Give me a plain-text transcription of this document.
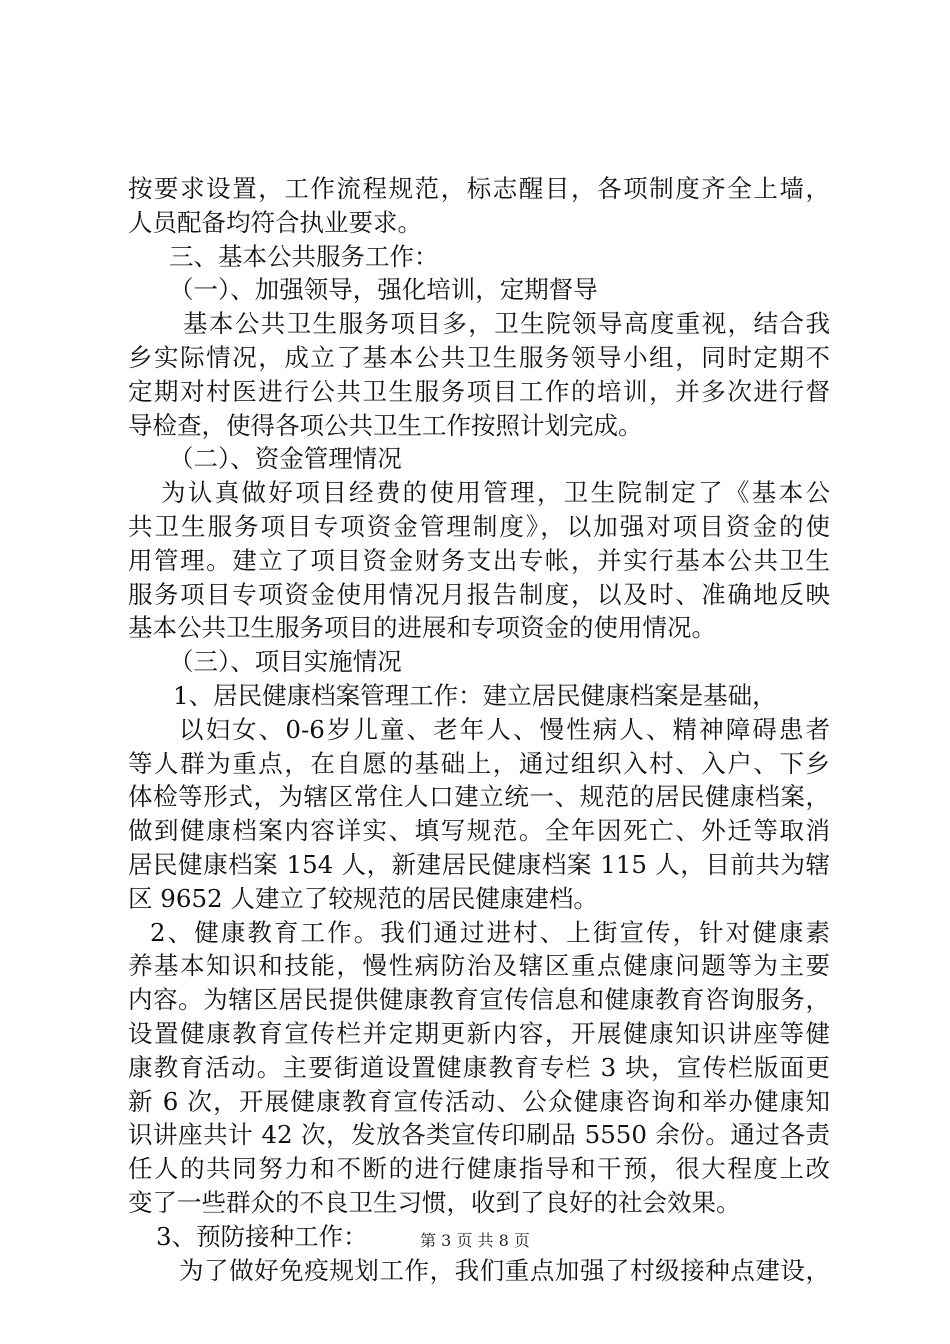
按要求设置，工作流程规范，标志醒目，各项制度齐全上墙，
人员配备均符合执业要求。
三、基本公共服务工作：
（一）、加强领导，强化培训，定期督导
基本公共卫生服务项目多，卫生院领导高度重视，结合我
乡实际情况，成立了基本公共卫生服务领导小组，同时定期不
定期对村医进行公共卫生服务项目工作的培训，并多次进行督
导检查，使得各项公共卫生工作按照计划完成。
（二）、资金管理情况
为认真做好项目经费的使用管理，卫生院制定了《基本公
共卫生服务项目专项资金管理制度》，以加强对项目资金的使
用管理。建立了项目资金财务支出专帐，并实行基本公共卫生
服务项目专项资金使用情况月报告制度，以及时、准确地反映
基本公共卫生服务项目的进展和专项资金的使用情况。
（三）、项目实施情况
1、居民健康档案管理工作：建立居民健康档案是基础，
以妇女、0-6岁儿童、老年人、慢性病人、精神障碍患者
等人群为重点，在自愿的基础上，通过组织入村、入户、下乡
体检等形式，为辖区常住人口建立统一、规范的居民健康档案，
做到健康档案内容详实、填写规范。全年因死亡、外迁等取消
居民健康档案 154 人，新建居民健康档案 115 人，目前共为辖
区 9652 人建立了较规范的居民健康建档。
2、健康教育工作。我们通过进村、上街宣传，针对健康素
养基本知识和技能，慢性病防治及辖区重点健康问题等为主要
内容。为辖区居民提供健康教育宣传信息和健康教育咨询服务，
设置健康教育宣传栏并定期更新内容，开展健康知识讲座等健
康教育活动。主要街道设置健康教育专栏 3 块，宣传栏版面更
新 6 次，开展健康教育宣传活动、公众健康咨询和举办健康知
识讲座共计 42 次，发放各类宣传印刷品 5550 余份。通过各责
任人的共同努力和不断的进行健康指导和干预，很大程度上改
变了一些群众的不良卫生习惯，收到了良好的社会效果。
3、预防接种工作：
为了做好免疫规划工作，我们重点加强了村级接种点建设，
第 3 页 共 8 页
